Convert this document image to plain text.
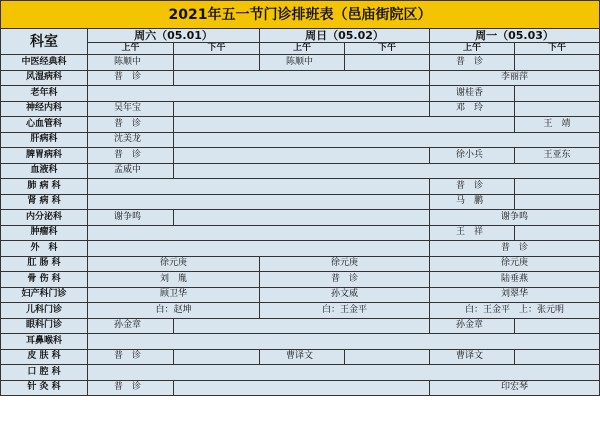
2021年五一节门诊排班表（邑庙街院区）						
科室	周六（05.01）		周日（05.02）		周一（05.03）	
	上午	下午	上午	下午	上午	下午
中医经典科	陈顺中		陈顺中		普　诊	
风湿病科	普　诊				李丽萍	
老年科					谢桂香	
神经内科	吴年宝				邓　玲	
心血管科	普　诊					王　靖
肝病科	沈美龙					
脾胃病科	普　诊				徐小兵	王亚东
血液科	孟威中					
肺 病 科					普　诊	
肾 病 科					马　鹏	
内分泌科	谢争鸣				谢争鸣	
肿瘤科					王　祥	
外　科					普　诊	
肛 肠 科	徐元庚		徐元庚		徐元庚	
骨 伤 科	刘　胤		普　诊		陆垂燕	
妇产科门诊	顾卫华		孙文威		刘翠华	
儿科门诊	白：赵坤		白：王金平		白：王金平　上：张元明	
眼科门诊	孙金章				孙金章	
耳鼻喉科						
皮 肤 科	普　诊		曹译文		曹译文	
口 腔 科						
针 灸 科	普　诊				印宏琴	
